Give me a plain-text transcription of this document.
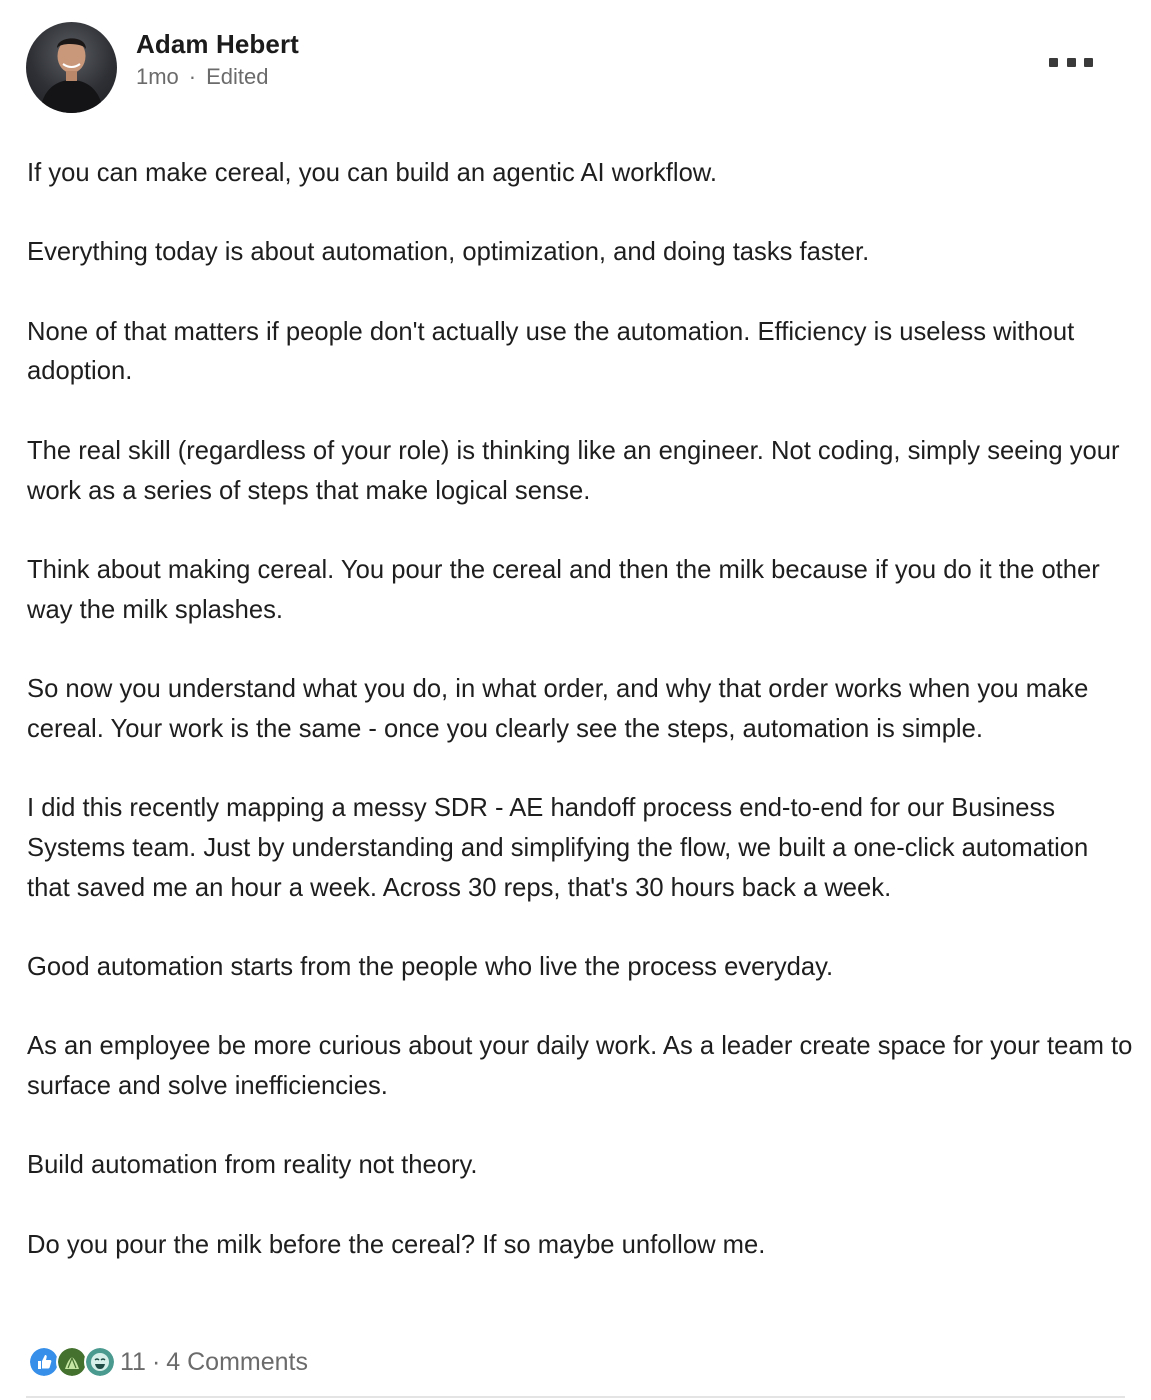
Adam Hebert
1mo · Edited

If you can make cereal, you can build an agentic AI workflow.

Everything today is about automation, optimization, and doing tasks faster.

None of that matters if people don't actually use the automation. Efficiency is useless without adoption.

The real skill (regardless of your role) is thinking like an engineer. Not coding, simply seeing your work as a series of steps that make logical sense.

Think about making cereal. You pour the cereal and then the milk because if you do it the other way the milk splashes.

So now you understand what you do, in what order, and why that order works when you make cereal. Your work is the same - once you clearly see the steps, automation is simple.

I did this recently mapping a messy SDR - AE handoff process end-to-end for our Business Systems team. Just by understanding and simplifying the flow, we built a one-click automation that saved me an hour a week. Across 30 reps, that's 30 hours back a week.

Good automation starts from the people who live the process everyday.

As an employee be more curious about your daily work. As a leader create space for your team to surface and solve inefficiencies.

Build automation from reality not theory.

Do you pour the milk before the cereal? If so maybe unfollow me.

11 · 4 Comments
